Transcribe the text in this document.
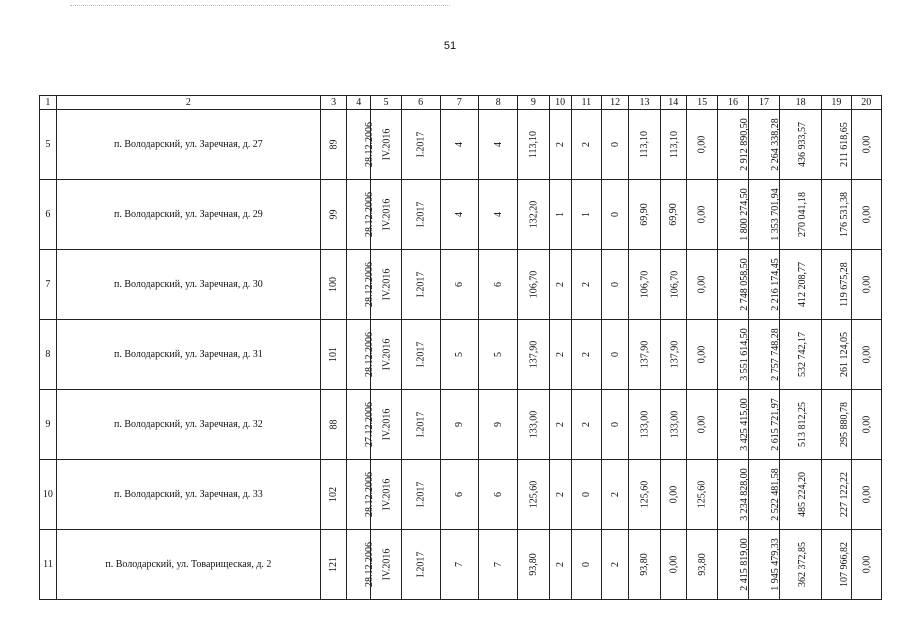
51
1	2	3	4	5	6	7	8	9	10	11	12	13	14	15	16	17	18	19	20
5	п. Володарский, ул. Заречная, д. 27	89	28.12.2006	IV.2016	I.2017	4	4	113,10	2	2	0	113,10	113,10	0,00	2 912 890,50	2 264 338,28	436 933,57	211 618,65	0,00
6	п. Володарский, ул. Заречная, д. 29	99	28.12.2006	IV.2016	I.2017	4	4	132,20	1	1	0	69,90	69,90	0,00	1 800 274,50	1 353 701,94	270 041,18	176 531,38	0,00
7	п. Володарский, ул. Заречная, д. 30	100	28.12.2006	IV.2016	I.2017	6	6	106,70	2	2	0	106,70	106,70	0,00	2 748 058,50	2 216 174,45	412 208,77	119 675,28	0,00
8	п. Володарский, ул. Заречная, д. 31	101	28.12.2006	IV.2016	I.2017	5	5	137,90	2	2	0	137,90	137,90	0,00	3 551 614,50	2 757 748,28	532 742,17	261 124,05	0,00
9	п. Володарский, ул. Заречная, д. 32	88	27.12.2006	IV.2016	I.2017	9	9	133,00	2	2	0	133,00	133,00	0,00	3 425 415,00	2 615 721,97	513 812,25	295 880,78	0,00
10	п. Володарский, ул. Заречная, д. 33	102	28.12.2006	IV.2016	I.2017	6	6	125,60	2	0	2	125,60	0,00	125,60	3 234 828,00	2 522 481,58	485 224,20	227 122,22	0,00
11	п. Володарский, ул. Товарищеская, д. 2	121	28.12.2006	IV.2016	I.2017	7	7	93,80	2	0	2	93,80	0,00	93,80	2 415 819,00	1 945 479,33	362 372,85	107 966,82	0,00
